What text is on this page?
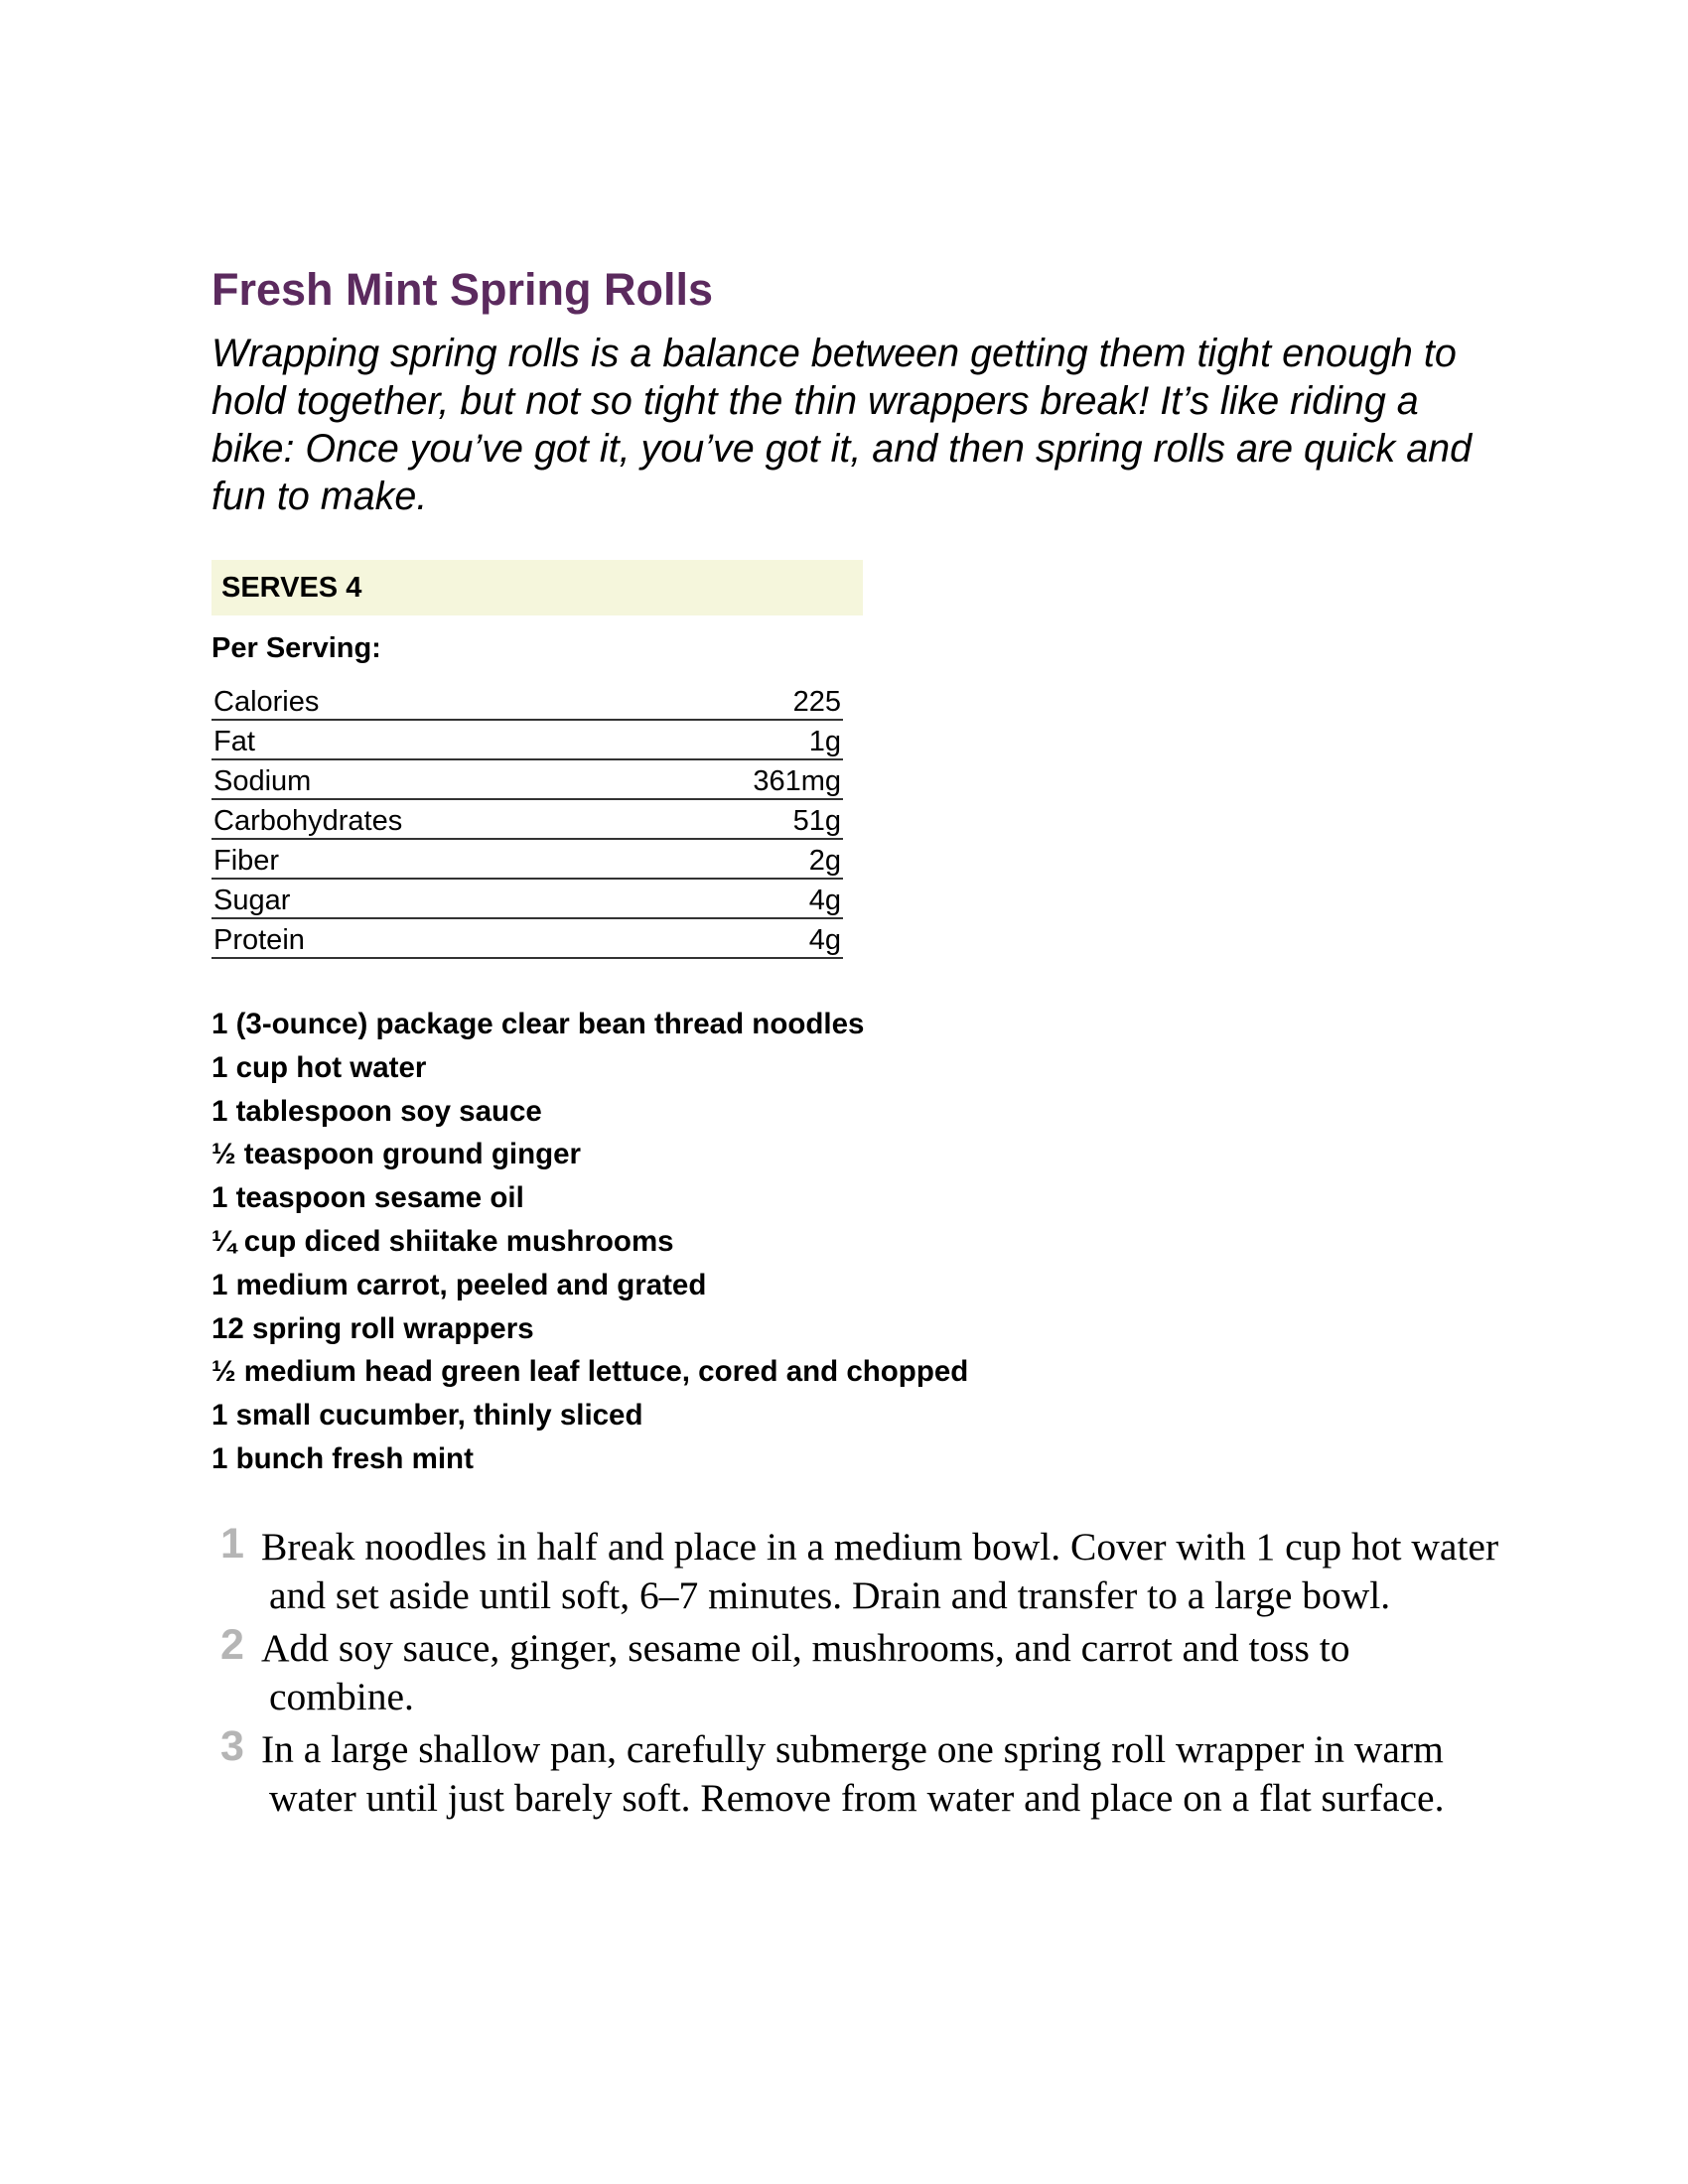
Fresh Mint Spring Rolls

Wrapping spring rolls is a balance between getting them tight enough to hold together, but not so tight the thin wrappers break! It’s like riding a bike: Once you’ve got it, you’ve got it, and then spring rolls are quick and fun to make.

SERVES 4
Per Serving:
Calories	225
Fat	1g
Sodium	361mg
Carbohydrates	51g
Fiber	2g
Sugar	4g
Protein	4g
1 (3-ounce) package clear bean thread noodles
1 cup hot water
1 tablespoon soy sauce
½ teaspoon ground ginger
1 teaspoon sesame oil
¼ cup diced shiitake mushrooms
1 medium carrot, peeled and grated
12 spring roll wrappers
½ medium head green leaf lettuce, cored and chopped
1 small cucumber, thinly sliced
1 bunch fresh mint
1 Break noodles in half and place in a medium bowl. Cover with 1 cup hot water and set aside until soft, 6–7 minutes. Drain and transfer to a large bowl.
2 Add soy sauce, ginger, sesame oil, mushrooms, and carrot and toss to combine.
3 In a large shallow pan, carefully submerge one spring roll wrapper in warm water until just barely soft. Remove from water and place on a flat surface.
